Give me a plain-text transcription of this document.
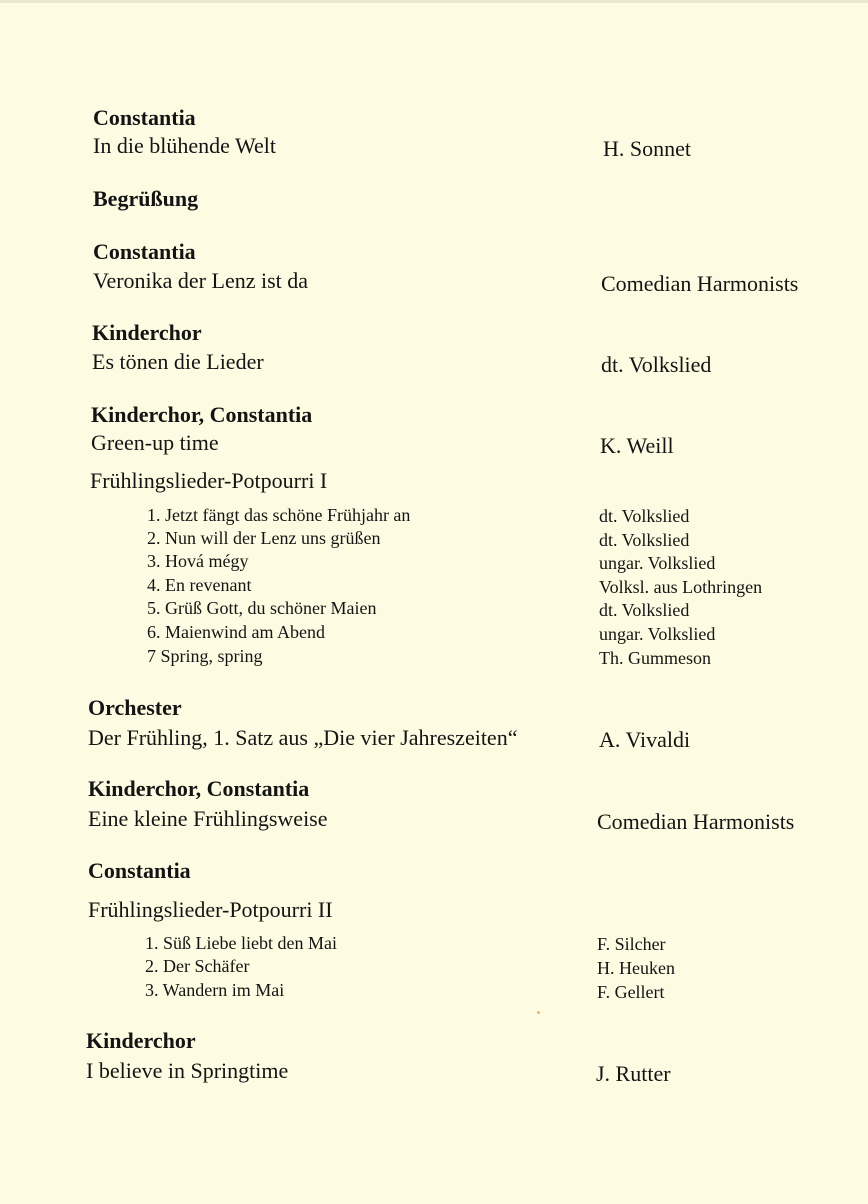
Constantia
In die blühende Welt	H. Sonnet
Begrüßung
Constantia
Veronika der Lenz ist da	Comedian Harmonists
Kinderchor
Es tönen die Lieder	dt. Volkslied
Kinderchor, Constantia
Green-up time	K. Weill
Frühlingslieder-Potpourri I
1. Jetzt fängt das schöne Frühjahr an	dt. Volkslied
2. Nun will der Lenz uns grüßen	dt. Volkslied
3. Hová mégy	ungar. Volkslied
4. En revenant	Volksl. aus Lothringen
5. Grüß Gott, du schöner Maien	dt. Volkslied
6. Maienwind am Abend	ungar. Volkslied
7 Spring, spring	Th. Gummeson
Orchester
Der Frühling, 1. Satz aus „Die vier Jahreszeiten“	A. Vivaldi
Kinderchor, Constantia
Eine kleine Frühlingsweise	Comedian Harmonists
Constantia
Frühlingslieder-Potpourri II
1. Süß Liebe liebt den Mai	F. Silcher
2. Der Schäfer	H. Heuken
3. Wandern im Mai	F. Gellert
Kinderchor
I believe in Springtime	J. Rutter
